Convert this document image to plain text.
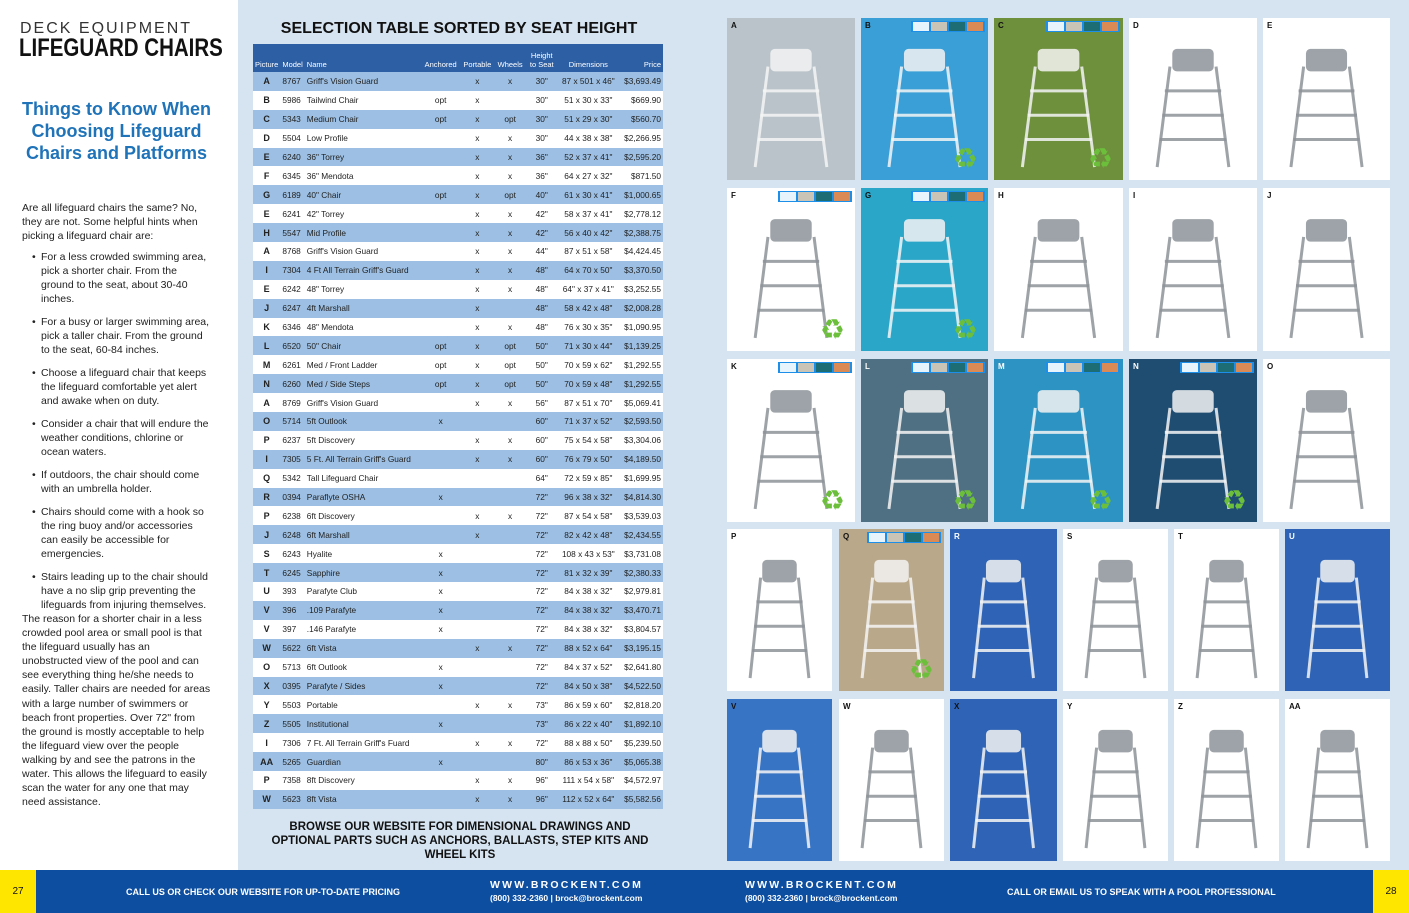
DECK EQUIPMENT
LIFEGUARD CHAIRS
Things to Know When Choosing Lifeguard Chairs and Platforms
Are all lifeguard chairs the same? No, they are not. Some helpful hints when picking a lifeguard chair are:
• For a less crowded swimming area, pick a shorter chair. From the ground to the seat, about 30-40 inches.
• For a busy or larger swimming area, pick a taller chair. From the ground to the seat, 60-84 inches.
• Choose a lifeguard chair that keeps the lifeguard comfortable yet alert and awake when on duty.
• Consider a chair that will endure the weather conditions, chlorine or ocean waters.
• If outdoors, the chair should come with an umbrella holder.
• Chairs should come with a hook so the ring buoy and/or accessories can easily be accessible for emergencies.
• Stairs leading up to the chair should have a no slip grip preventing the lifeguards from injuring themselves.
The reason for a shorter chair in a less crowded pool area or small pool is that the lifeguard usually has an unobstructed view of the pool and can see everything thing he/she needs to easily. Taller chairs are needed for areas with a large number of swimmers or beach front properties. Over 72" from the ground is mostly acceptable to help the lifeguard view over the people walking by and see the patrons in the water. This allows the lifeguard to easily scan the water for any one that may need assistance.
SELECTION TABLE SORTED BY SEAT HEIGHT
Picture	Model	Name	Anchored	Portable	Wheels	Height to Seat	Dimensions	Price
A	8767	Griff's Vision Guard		x	x	30"	87 x 501 x 46"	$3,693.49
B	5986	Tailwind Chair	opt	x		30"	51 x 30 x 33"	$669.90
C	5343	Medium Chair	opt	x	opt	30"	51 x 29 x 30"	$560.70
D	5504	Low Profile		x	x	30"	44 x 38 x 38"	$2,266.95
E	6240	36" Torrey		x	x	36"	52 x 37 x 41"	$2,595.20
F	6345	36" Mendota		x	x	36"	64 x 27 x 32"	$871.50
G	6189	40" Chair	opt	x	opt	40"	61 x 30 x 41"	$1,000.65
E	6241	42" Torrey		x	x	42"	58 x 37 x 41"	$2,778.12
H	5547	Mid Profile		x	x	42"	56 x 40 x 42"	$2,388.75
A	8768	Griff's Vision Guard		x	x	44"	87 x 51 x 58"	$4,424.45
I	7304	4 Ft All Terrain Griff's Guard		x	x	48"	64 x 70 x 50"	$3,370.50
E	6242	48" Torrey		x	x	48"	64" x 37 x 41"	$3,252.55
J	6247	4ft Marshall		x		48"	58 x 42 x 48"	$2,008.28
K	6346	48" Mendota		x	x	48"	76 x 30 x 35"	$1,090.95
L	6520	50" Chair	opt	x	opt	50"	71 x 30 x 44"	$1,139.25
M	6261	Med / Front Ladder	opt	x	opt	50"	70 x 59 x 62"	$1,292.55
N	6260	Med / Side Steps	opt	x	opt	50"	70 x 59 x 48"	$1,292.55
A	8769	Griff's Vision Guard		x	x	56"	87 x 51 x 70"	$5,069.41
O	5714	5ft Outlook	x			60"	71 x 37 x 52"	$2,593.50
P	6237	5ft Discovery		x	x	60"	75 x 54 x 58"	$3,304.06
I	7305	5 Ft. All Terrain Griff's Guard		x	x	60"	76 x 79 x 50"	$4,189.50
Q	5342	Tall Lifeguard Chair				64"	72 x 59 x 85"	$1,699.95
R	0394	Paraflyte OSHA	x			72"	96 x 38 x 32"	$4,814.30
P	6238	6ft Discovery		x	x	72"	87 x 54 x 58"	$3,539.03
J	6248	6ft Marshall		x		72"	82 x 42 x 48"	$2,434.55
S	6243	Hyalite	x			72"	108 x 43 x 53"	$3,731.08
T	6245	Sapphire	x			72"	81 x 32 x 39"	$2,380.33
U	393	Parafyte Club	x			72"	84 x 38 x 32"	$2,979.81
V	396	.109 Parafyte	x			72"	84 x 38 x 32"	$3,470.71
V	397	.146 Parafyte	x			72"	84 x 38 x 32"	$3,804.57
W	5622	6ft Vista		x	x	72"	88 x 52 x 64"	$3,195.15
O	5713	6ft Outlook	x			72"	84 x 37 x 52"	$2,641.80
X	0395	Parafyte / Sides	x			72"	84 x 50 x 38"	$4,522.50
Y	5503	Portable		x	x	73"	86 x 59 x 60"	$2,818.20
Z	5505	Institutional	x			73"	86 x 22 x 40"	$1,892.10
I	7306	7 Ft. All Terrain Griff's Fuard		x	x	72"	88 x 88 x 50"	$5,239.50
AA	5265	Guardian	x			80"	86 x 53 x 36"	$5,065.38
P	7358	8ft Discovery		x	x	96"	111 x 54 x 58"	$4,572.97
W	5623	8ft Vista		x	x	96"	112 x 52 x 64"	$5,582.56
BROWSE OUR WEBSITE FOR DIMENSIONAL DRAWINGS AND OPTIONAL PARTS SUCH AS ANCHORS, BALLASTS, STEP KITS AND WHEEL KITS
A	B
♻
C
♻
D	E
F
♻
G
♻
H	I	J
K
♻
L
♻
M
♻
N
♻
O
P	Q
♻
R	S	T	U
V	W	X	Y	Z	AA
27	CALL US OR CHECK OUR WEBSITE FOR UP-TO-DATE PRICING
WWW.BROCKENT.COM
(800) 332-2360 | brock@brockent.com
WWW.BROCKENT.COM
(800) 332-2360 | brock@brockent.com
CALL OR EMAIL US TO SPEAK WITH A POOL PROFESSIONAL	28
